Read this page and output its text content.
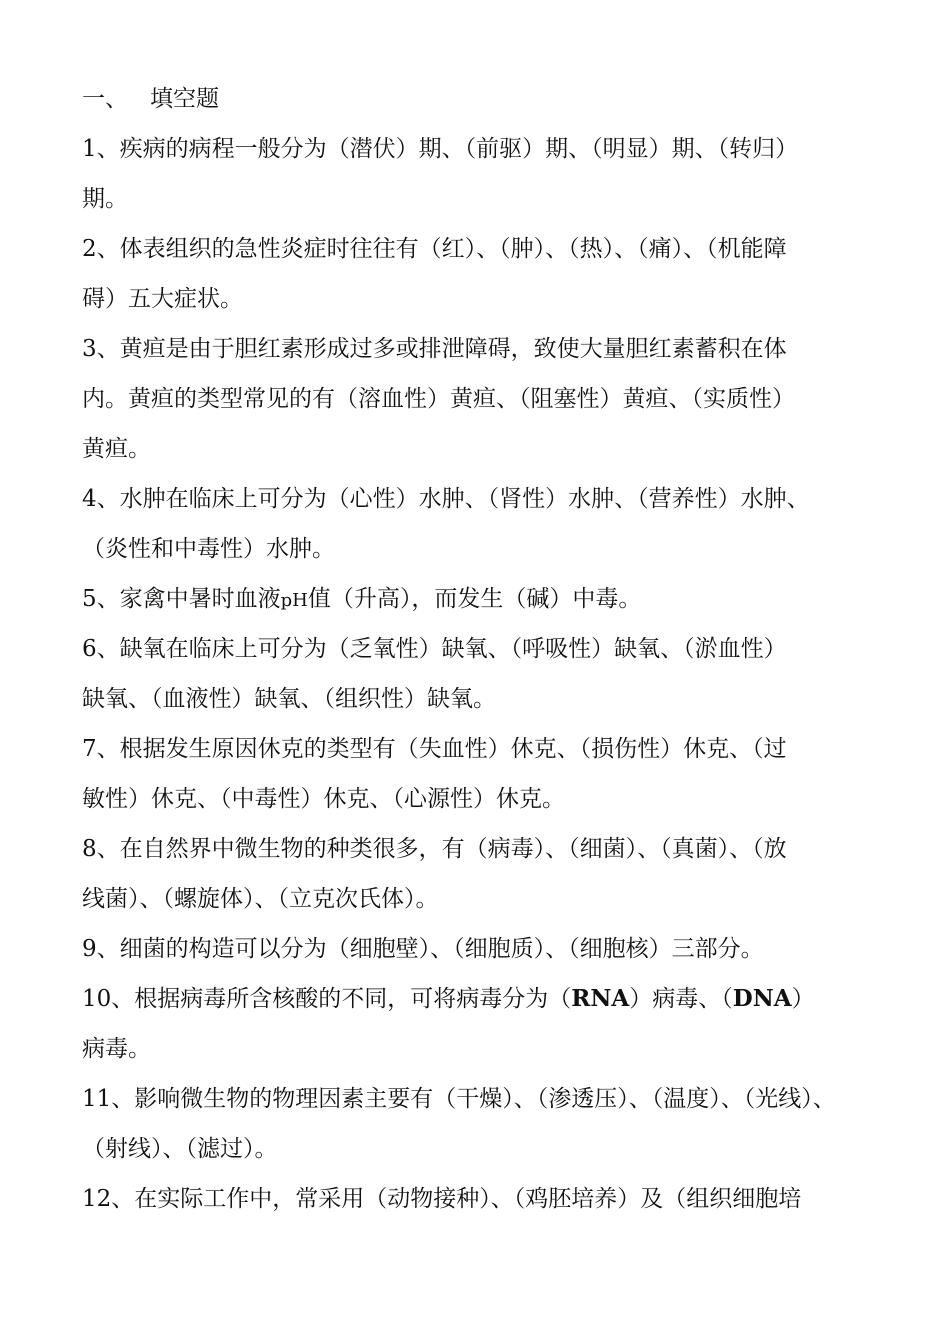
一、 填空题
1、疾病的病程一般分为（潜伏）期、（前驱）期、（明显）期、（转归）
期。
2、体表组织的急性炎症时往往有（红）、（肿）、（热）、（痛）、（机能障
碍）五大症状。
3、黄疸是由于胆红素形成过多或排泄障碍，致使大量胆红素蓄积在体
内。黄疸的类型常见的有（溶血性）黄疸、（阻塞性）黄疸、（实质性）
黄疸。
4、水肿在临床上可分为（心性）水肿、（肾性）水肿、（营养性）水肿、
（炎性和中毒性）水肿。
5、家禽中暑时血液pH值（升高），而发生（碱）中毒。
6、缺氧在临床上可分为（乏氧性）缺氧、（呼吸性）缺氧、（淤血性）
缺氧、（血液性）缺氧、（组织性）缺氧。
7、根据发生原因休克的类型有（失血性）休克、（损伤性）休克、（过
敏性）休克、（中毒性）休克、（心源性）休克。
8、在自然界中微生物的种类很多，有（病毒）、（细菌）、（真菌）、（放
线菌）、（螺旋体）、（立克次氏体）。
9、细菌的构造可以分为（细胞壁）、（细胞质）、（细胞核）三部分。
10、根据病毒所含核酸的不同，可将病毒分为（RNA）病毒、（DNA）
病毒。
11、影响微生物的物理因素主要有（干燥）、（渗透压）、（温度）、（光线）、
（射线）、（滤过）。
12、在实际工作中，常采用（动物接种）、（鸡胚培养）及（组织细胞培
